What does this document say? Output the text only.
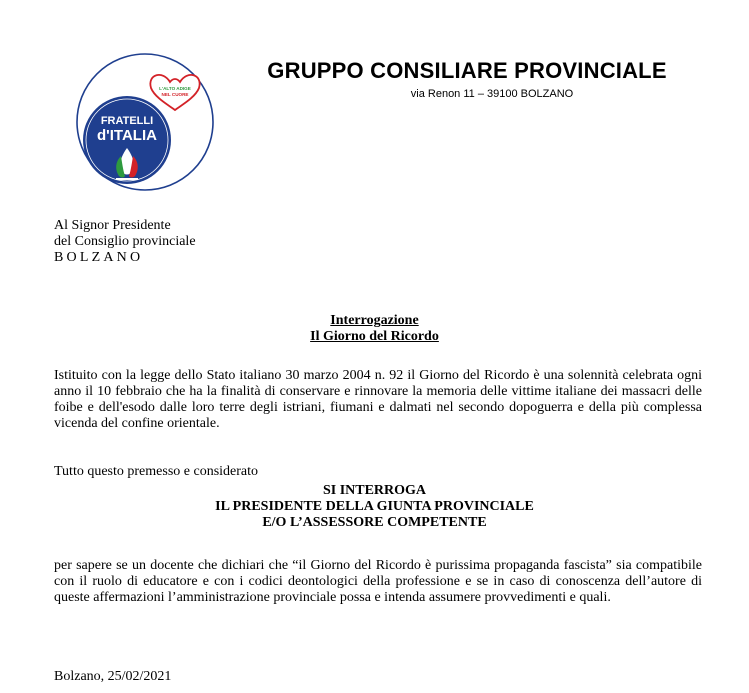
L'ALTO ADIGE
NEL CUORE
FRATELLI
d'ITALIA
GRUPPO CONSILIARE PROVINCIALE
via Renon 11 – 39100 BOLZANO
Al Signor Presidente
del Consiglio provinciale
BOLZANO
Interrogazione
Il Giorno del Ricordo

Istituito con la legge dello Stato italiano 30 marzo 2004 n. 92 il Giorno del Ricordo è una solennità celebrata ogni anno il 10 febbraio che ha la finalità di conservare e rinnovare la memoria delle vittime italiane dei massacri delle foibe e dell'esodo dalle loro terre degli istriani, fiumani e dalmati nel secondo dopoguerra e della più complessa vicenda del confine orientale.

Tutto questo premesso e considerato
SI INTERROGA
IL PRESIDENTE DELLA GIUNTA PROVINCIALE
E/O L’ASSESSORE COMPETENTE
per sapere se un docente che dichiari che “il Giorno del Ricordo è purissima propaganda fascista” sia compatibile con il ruolo di educatore e con i codici deontologici della professione e se in caso di conoscenza dell’autore di queste affermazioni l’amministrazione provinciale possa e intenda assumere provvedimenti e quali.
Bolzano, 25/02/2021
